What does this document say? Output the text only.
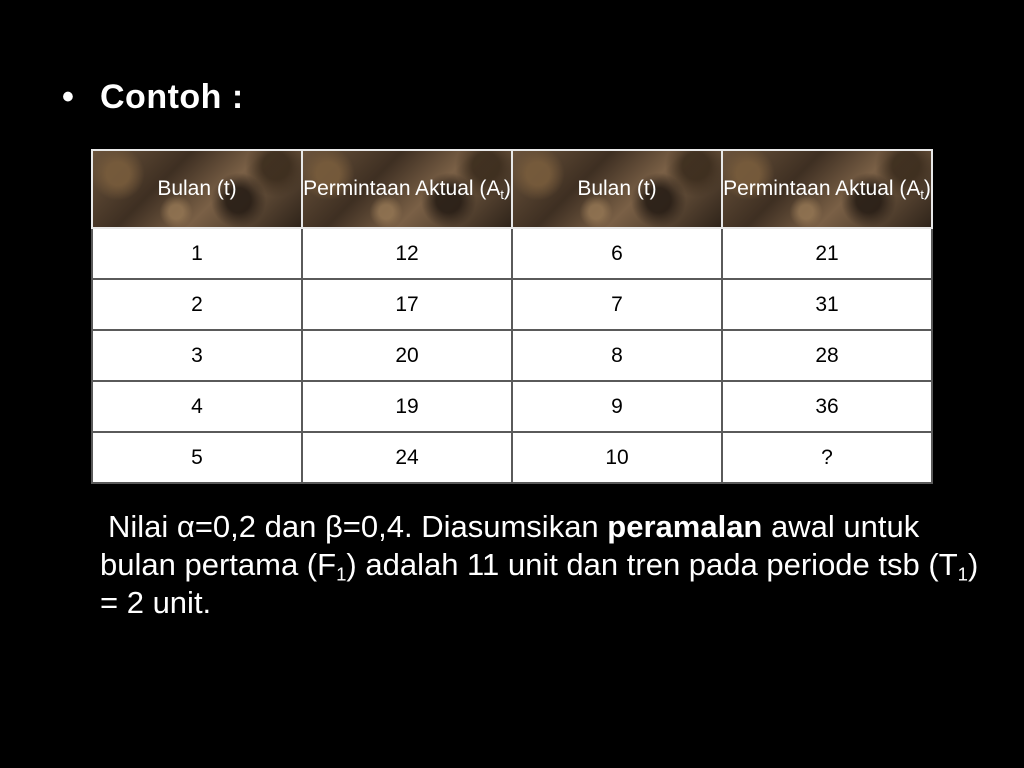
• Contoh :
Bulan (t)	Permintaan Aktual $(A_t)$	Bulan (t)	Permintaan Aktual $(A_t)$
1	12	6	21
2	17	7	31
3	20	8	28
4	19	9	36
5	24	10	?
Nilai α=0,2 dan β=0,4. Diasumsikan peramalan awal untuk bulan pertama $(F_1)$ adalah 11 unit dan tren pada periode tsb $(T_1) = 2$ unit.
